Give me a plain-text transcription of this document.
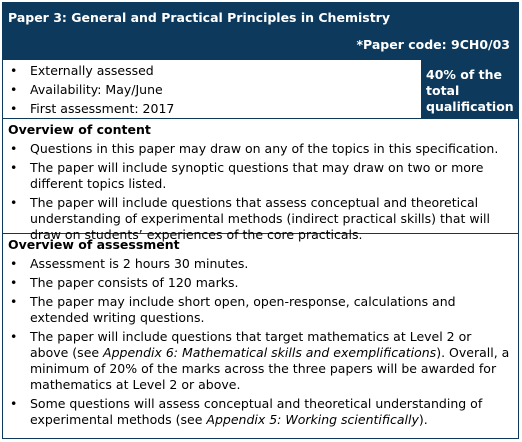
Paper 3: General and Practical Principles in Chemistry
*Paper code: 9CH0/03
• Externally assessed
• Availability: May/June
• First assessment: 2017
40% of the total qualification
Overview of content
• Questions in this paper may draw on any of the topics in this specification.
• The paper will include synoptic questions that may draw on two or more different topics listed.
• The paper will include questions that assess conceptual and theoretical understanding of experimental methods (indirect practical skills) that will draw on students’ experiences of the core practicals.
Overview of assessment
• Assessment is 2 hours 30 minutes.
• The paper consists of 120 marks.
• The paper may include short open, open-response, calculations and extended writing questions.
• The paper will include questions that target mathematics at Level 2 or above (see Appendix 6: Mathematical skills and exemplifications). Overall, a minimum of 20% of the marks across the three papers will be awarded for mathematics at Level 2 or above.
• Some questions will assess conceptual and theoretical understanding of experimental methods (see Appendix 5: Working scientifically).
